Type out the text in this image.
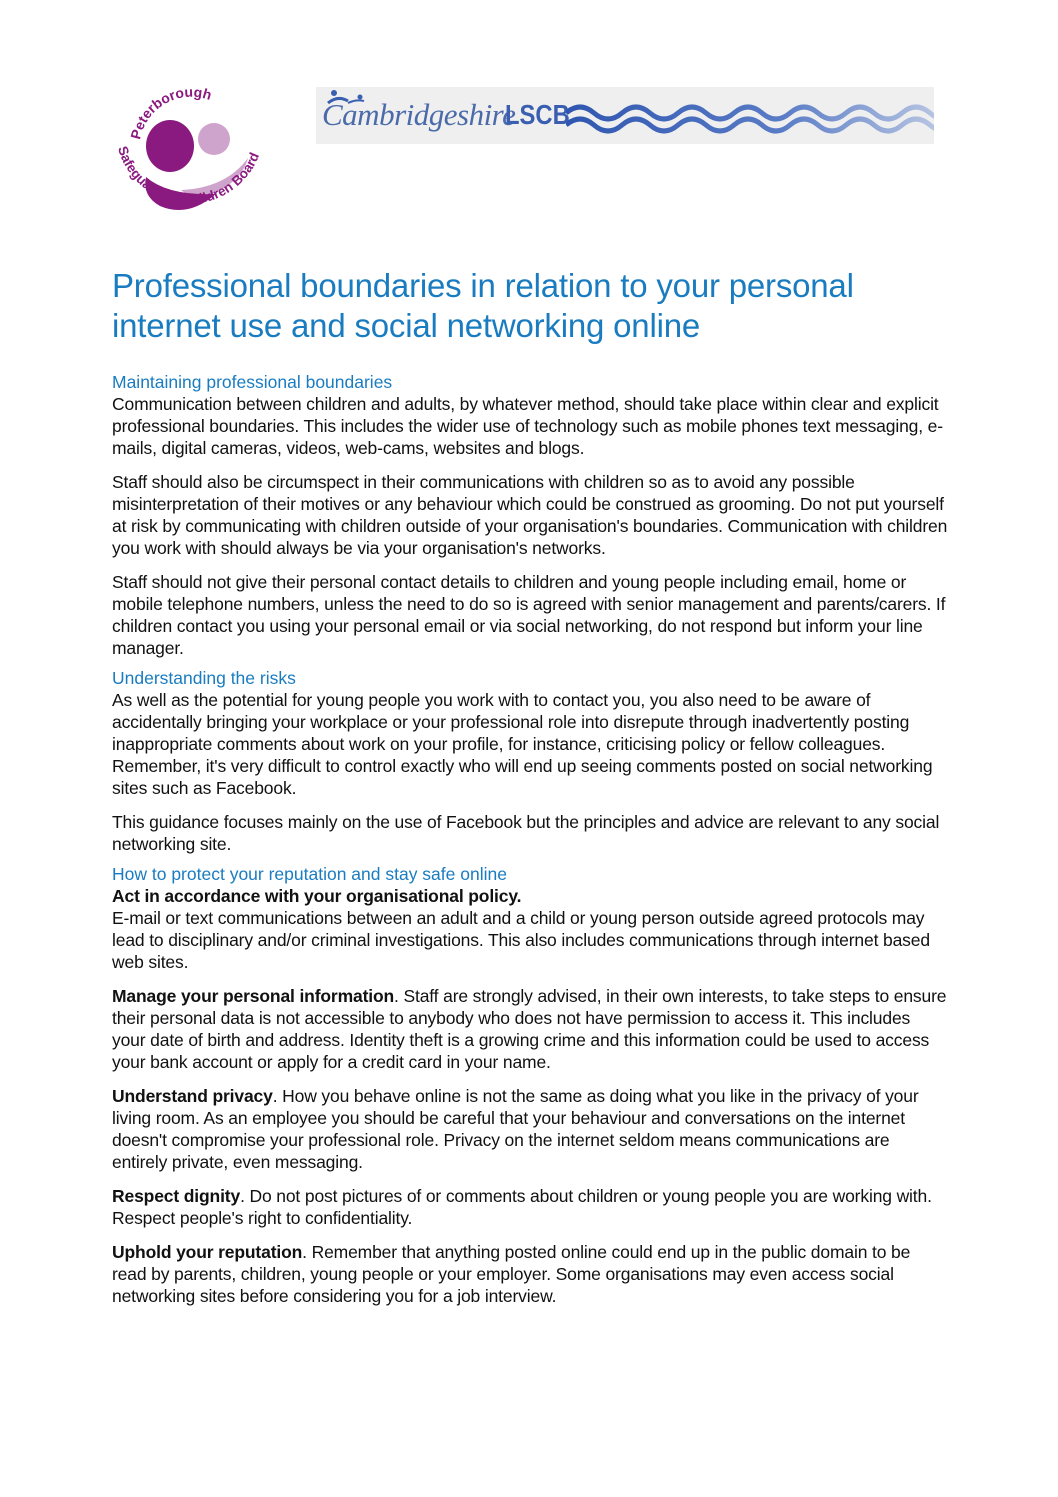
Peterborough
Safeguarding Children Board
Cambridgeshire
LSCB
Professional boundaries in relation to your personal internet use and social networking online
Maintaining professional boundaries

Communication between children and adults, by whatever method, should take place within clear and explicit professional boundaries. This includes the wider use of technology such as mobile phones text messaging, e-mails, digital cameras, videos, web-cams, websites and blogs.

Staff should also be circumspect in their communications with children so as to avoid any possible misinterpretation of their motives or any behaviour which could be construed as grooming. Do not put yourself at risk by communicating with children outside of your organisation's boundaries. Communication with children you work with should always be via your organisation's networks.

Staff should not give their personal contact details to children and young people including email, home or mobile telephone numbers, unless the need to do so is agreed with senior management and parents/carers. If children contact you using your personal email or via social networking, do not respond but inform your line manager.

Understanding the risks

As well as the potential for young people you work with to contact you, you also need to be aware of accidentally bringing your workplace or your professional role into disrepute through inadvertently posting inappropriate comments about work on your profile, for instance, criticising policy or fellow colleagues. Remember, it's very difficult to control exactly who will end up seeing comments posted on social networking sites such as Facebook.

This guidance focuses mainly on the use of Facebook but the principles and advice are relevant to any social networking site.

How to protect your reputation and stay safe online

Act in accordance with your organisational policy.

E-mail or text communications between an adult and a child or young person outside agreed protocols may lead to disciplinary and/or criminal investigations. This also includes communications through internet based web sites.

Manage your personal information. Staff are strongly advised, in their own interests, to take steps to ensure their personal data is not accessible to anybody who does not have permission to access it. This includes your date of birth and address. Identity theft is a growing crime and this information could be used to access your bank account or apply for a credit card in your name.

Understand privacy. How you behave online is not the same as doing what you like in the privacy of your living room. As an employee you should be careful that your behaviour and conversations on the internet doesn't compromise your professional role. Privacy on the internet seldom means communications are entirely private, even messaging.

Respect dignity. Do not post pictures of or comments about children or young people you are working with. Respect people's right to confidentiality.

Uphold your reputation. Remember that anything posted online could end up in the public domain to be read by parents, children, young people or your employer. Some organisations may even access social networking sites before considering you for a job interview.
